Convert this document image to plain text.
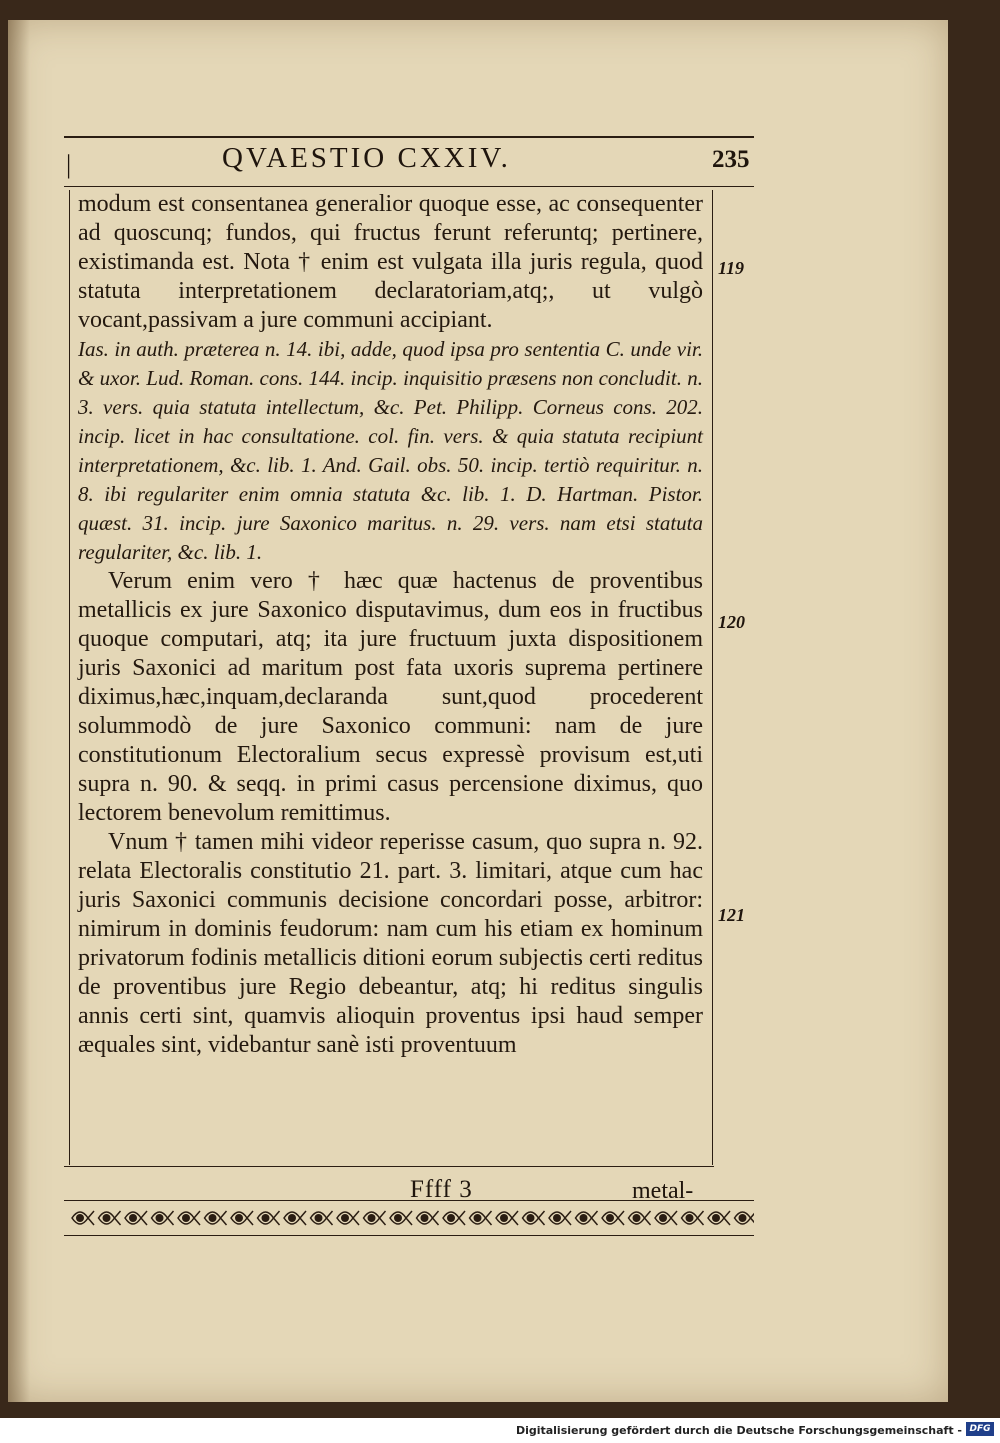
|	QVAESTIO CXXIV.	235

modum est consentanea generalior quoque esse, ac consequenter ad quoscunq; fundos, qui fructus ferunt referuntq; pertinere, existimanda est. Nota † enim est vulgata illa juris regula, quod statuta interpretationem declaratoriam,atq;, ut vulgò vocant,passivam a jure communi accipiant.

Ias. in auth. præterea n. 14. ibi, adde, quod ipsa pro sententia C. unde vir. & uxor. Lud. Roman. cons. 144. incip. inquisitio præsens non concludit. n. 3. vers. quia statuta intellectum, &c. Pet. Philipp. Corneus cons. 202. incip. licet in hac consultatione. col. fin. vers. & quia statuta recipiunt interpretationem, &c. lib. 1. And. Gail. obs. 50. incip. tertiò requiritur. n. 8. ibi regulariter enim omnia statuta &c. lib. 1. D. Hartman. Pistor. quæst. 31. incip. jure Saxonico maritus. n. 29. vers. nam etsi statuta regulariter, &c. lib. 1.

Verum enim vero † hæc quæ hactenus de proventibus metallicis ex jure Saxonico disputavimus, dum eos in fructibus quoque computari, atq; ita jure fructuum juxta dispositionem juris Saxonici ad maritum post fata uxoris suprema pertinere diximus,hæc,inquam,declaranda sunt,quod procederent solummodò de jure Saxonico communi: nam de jure constitutionum Electoralium secus expressè provisum est,uti supra n. 90. & seqq. in primi casus percensione diximus, quo lectorem benevolum remittimus.

Vnum † tamen mihi videor reperisse casum, quo supra n. 92. relata Electoralis constitutio 21. part. 3. limitari, atque cum hac juris Saxonici communis decisione concordari posse, arbitror: nimirum in dominis feudorum: nam cum his etiam ex hominum privatorum fodinis metallicis ditioni eorum subjectis certi reditus de proventibus jure Regio debeantur, atq; hi reditus singulis annis certi sint, quamvis alioquin proventus ipsi haud semper æquales sint, videbantur sanè isti proventuum

119
120
121
Ffff 3	metal-
Digitalisierung gefördert durch die Deutsche Forschungsgemeinschaft - DFG
